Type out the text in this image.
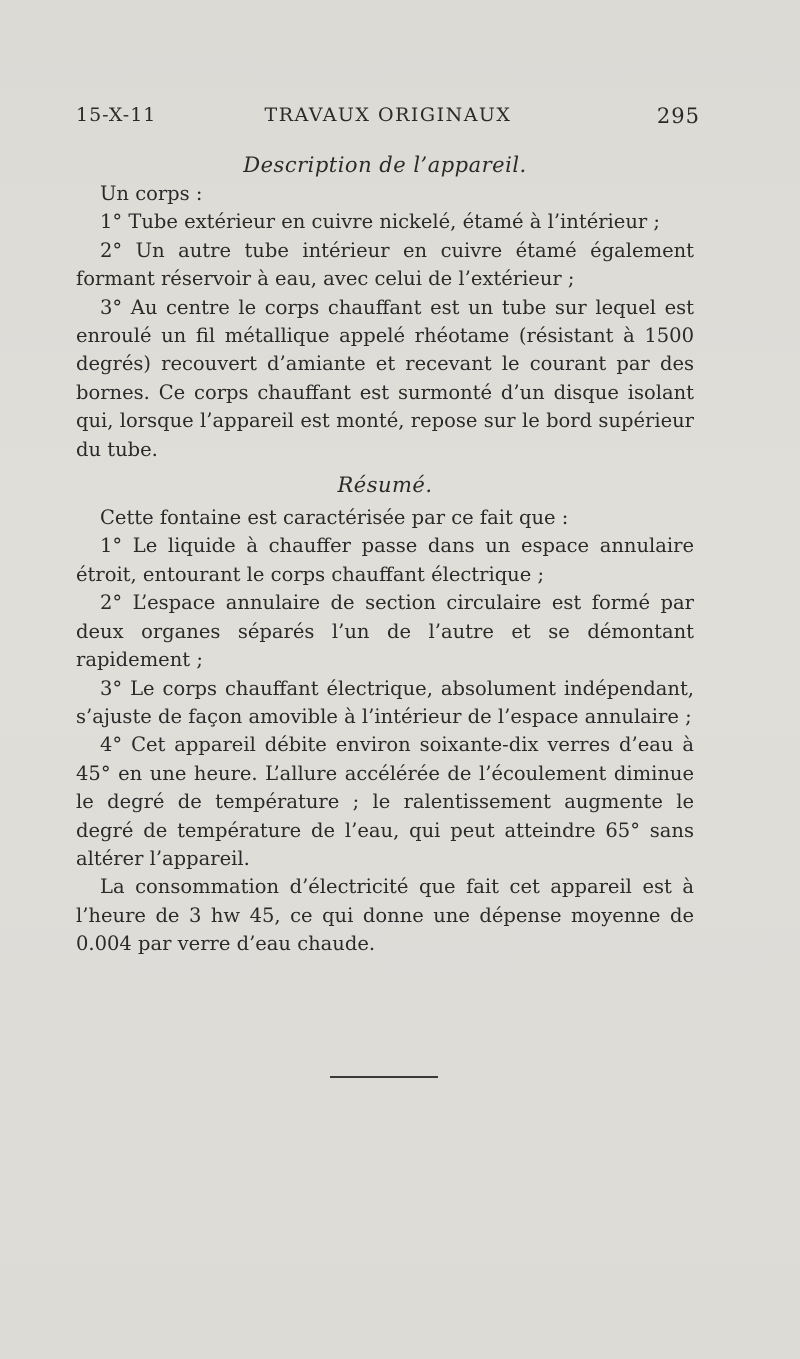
15-X-11	TRAVAUX ORIGINAUX	295

Description de l’appareil.

Un corps :

1° Tube extérieur en cuivre nickelé, étamé à l’intérieur ;

2° Un autre tube intérieur en cuivre étamé également formant réservoir à eau, avec celui de l’extérieur ;

3° Au centre le corps chauffant est un tube sur lequel est enroulé un fil métallique appelé rhéotame (résistant à 1500 degrés) recouvert d’amiante et recevant le courant par des bornes. Ce corps chauffant est surmonté d’un disque isolant qui, lorsque l’appareil est monté, repose sur le bord supérieur du tube.

Résumé.

Cette fontaine est caractérisée par ce fait que :

1° Le liquide à chauffer passe dans un espace annulaire étroit, entourant le corps chauffant électrique ;

2° L’espace annulaire de section circulaire est formé par deux organes séparés l’un de l’autre et se démontant rapidement ;

3° Le corps chauffant électrique, absolument indépendant, s’ajuste de façon amovible à l’intérieur de l’espace annulaire ;

4° Cet appareil débite environ soixante-dix verres d’eau à 45° en une heure. L’allure accélérée de l’écoulement diminue le degré de température ; le ralentissement augmente le degré de température de l’eau, qui peut atteindre 65° sans altérer l’appareil.

La consommation d’électricité que fait cet appareil est à l’heure de 3 hw 45, ce qui donne une dépense moyenne de 0.004 par verre d’eau chaude.
